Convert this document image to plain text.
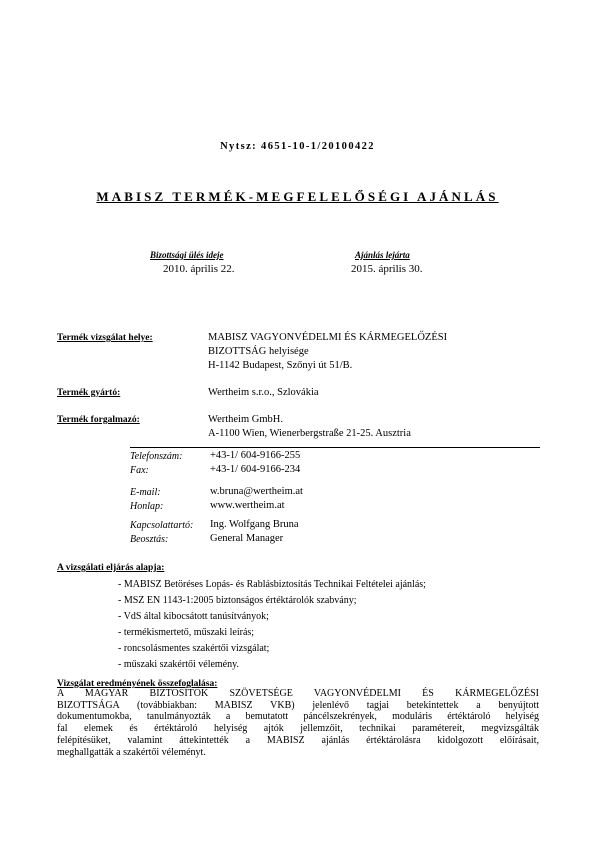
Nytsz: 4651-10-1/20100422
MABISZ TERMÉK-MEGFELELŐSÉGI AJÁNLÁS
Bizottsági ülés ideje
2010. április 22.
Ajánlás lejárta
2015. április 30.
Termék vizsgálat helye:	MABISZ VAGYONVÉDELMI ÉS KÁRMEGELŐZÉSI
BIZOTTSÁG helyisége
H-1142 Budapest, Szőnyi út 51/B.
Termék gyártó:	Wertheim s.r.o., Szlovákia
Termék forgalmazó:	Wertheim GmbH.
A-1100 Wien, Wienerbergstraße 21-25. Ausztria
Telefonszám:	+43-1/ 604-9166-255
Fax:	+43-1/ 604-9166-234
E-mail:	w.bruna@wertheim.at
Honlap:	www.wertheim.at
Kapcsolattartó: Ing. Wolfgang Bruna
Beosztás:	General Manager
A vizsgálati eljárás alapja:
- MABISZ Betöréses Lopás- és Rablásbiztosítás Technikai Feltételei ajánlás;
- MSZ EN 1143-1:2005 biztonságos értéktárolók szabvány;
- VdS által kibocsátott tanúsítványok;
- termékismertető, műszaki leírás;
- roncsolásmentes szakértői vizsgálat;
- műszaki szakértői vélemény.
Vizsgálat eredményének összefoglalása:
A MAGYAR BIZTOSÍTÓK SZÖVETSÉGE VAGYONVÉDELMI ÉS KÁRMEGELŐZÉSI
BIZOTTSÁGA (továbbiakban: MABISZ VKB) jelenlévő tagjai betekintettek a benyújtott
dokumentumokba, tanulmányozták a bemutatott páncélszekrények, moduláris értéktároló helyiség
fal elemek és értéktároló helyiség ajtók jellemzőit, technikai paramétereit, megvizsgálták
felépítésüket, valamint áttekintették a MABISZ ajánlás értéktárolásra kidolgozott előírásait,
meghallgatták a szakértői véleményt.
